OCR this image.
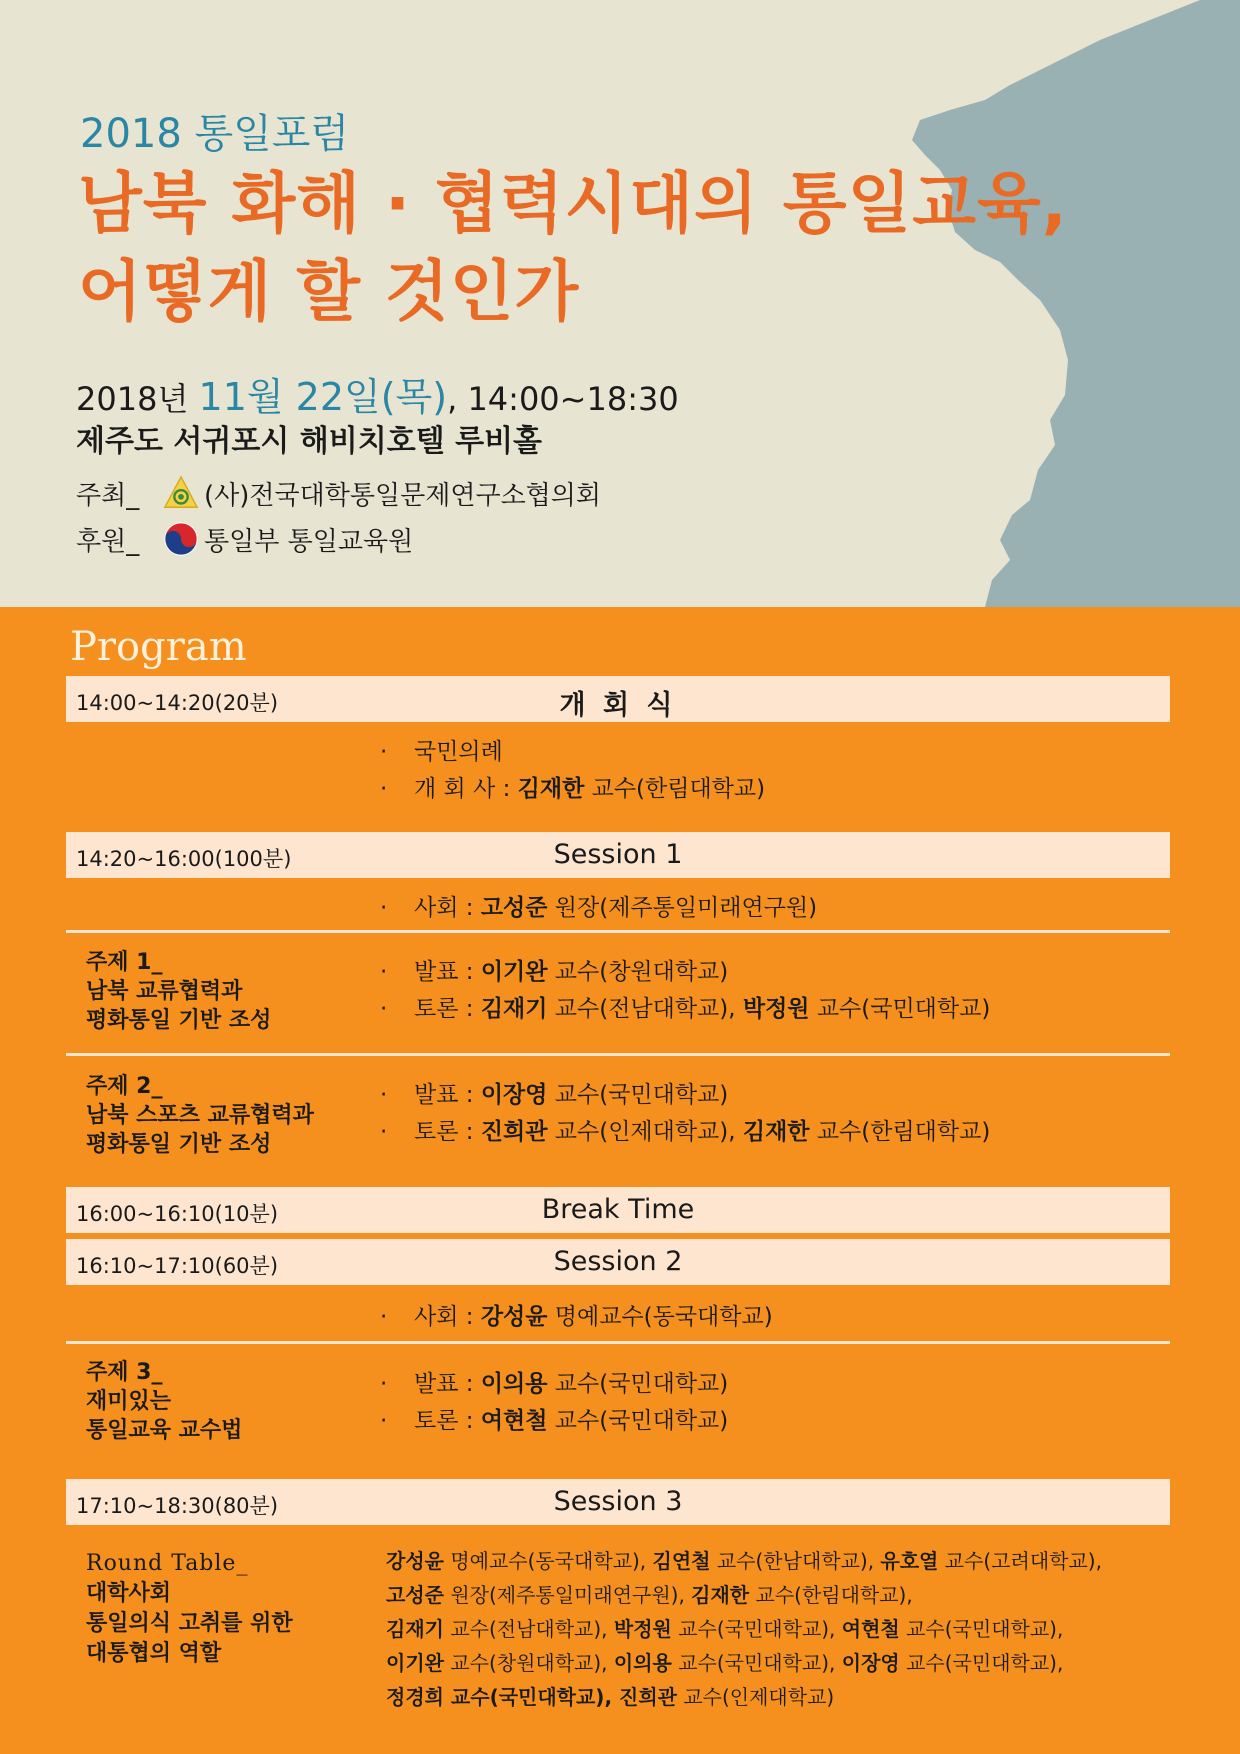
2018 통일포럼
남북 화해 · 협력시대의 통일교육,
어떻게 할 것인가
2018년 11월 22일(목), 14:00~18:30
제주도 서귀포시 해비치호텔 루비홀
주최_	(사)전국대학통일문제연구소협의회
후원_	통일부 통일교육원
Program
14:00~14:20(20분)	개 회 식
· 국민의례
· 개 회 사 : 김재한 교수(한림대학교)
14:20~16:00(100분)	Session 1
· 사회 : 고성준 원장(제주통일미래연구원)
주제 1_
남북 교류협력과
평화통일 기반 조성
· 발표 : 이기완 교수(창원대학교)
· 토론 : 김재기 교수(전남대학교), 박정원 교수(국민대학교)
주제 2_
남북 스포츠 교류협력과
평화통일 기반 조성
· 발표 : 이장영 교수(국민대학교)
· 토론 : 진희관 교수(인제대학교), 김재한 교수(한림대학교)
16:00~16:10(10분)	Break Time
16:10~17:10(60분)	Session 2
· 사회 : 강성윤 명예교수(동국대학교)
주제 3_
재미있는
통일교육 교수법
· 발표 : 이의용 교수(국민대학교)
· 토론 : 여현철 교수(국민대학교)
17:10~18:30(80분)	Session 3
Round Table_
대학사회
통일의식 고취를 위한
대통협의 역할
강성윤 명예교수(동국대학교), 김연철 교수(한남대학교), 유호열 교수(고려대학교),
고성준 원장(제주통일미래연구원), 김재한 교수(한림대학교),
김재기 교수(전남대학교), 박정원 교수(국민대학교), 여현철 교수(국민대학교),
이기완 교수(창원대학교), 이의용 교수(국민대학교), 이장영 교수(국민대학교),
정경희 교수(국민대학교), 진희관 교수(인제대학교)
